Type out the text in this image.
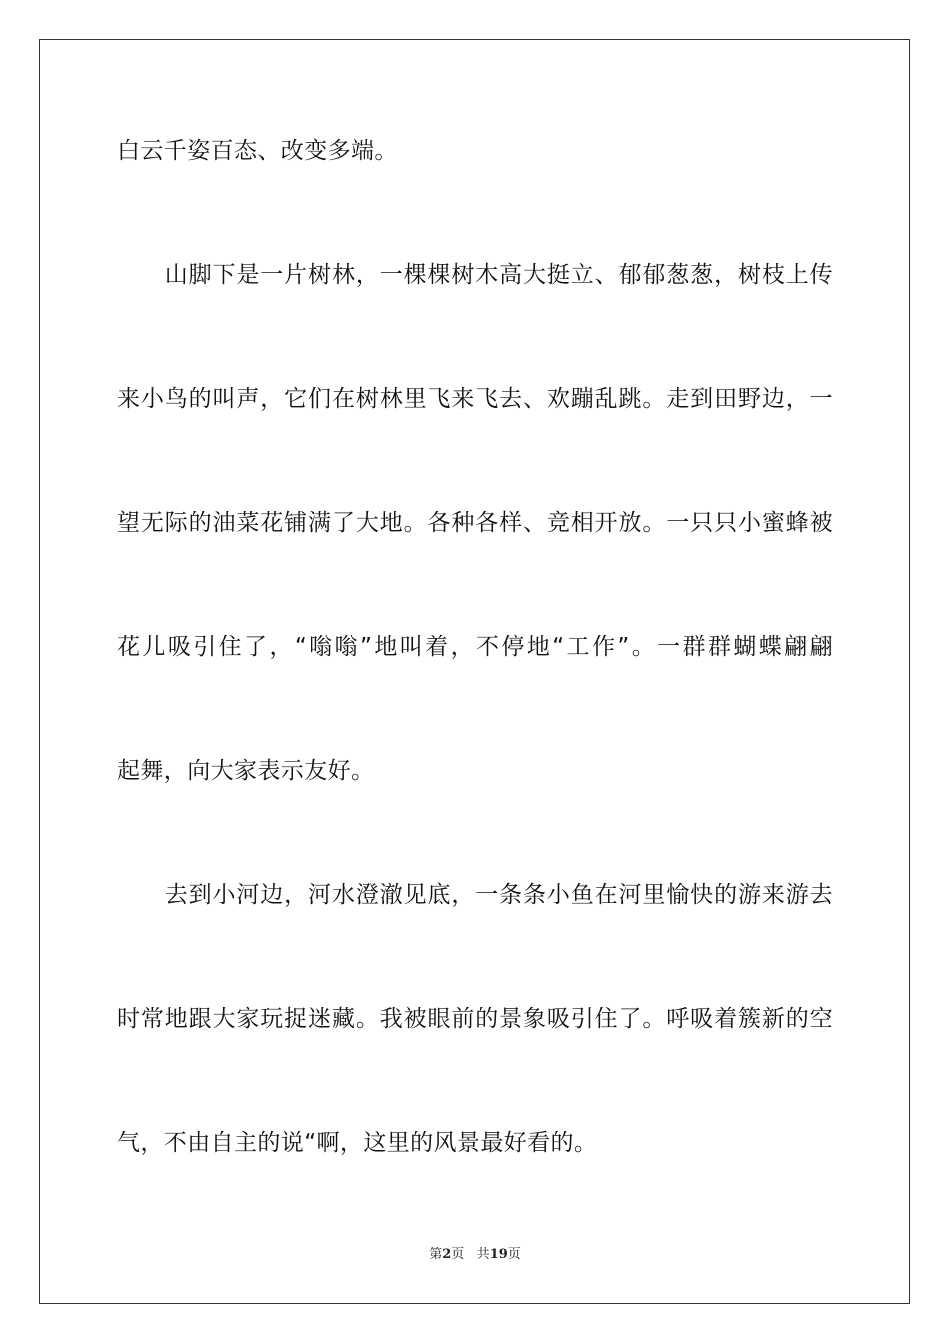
白云千姿百态、改变多端。
　　山脚下是一片树林，一棵棵树木高大挺立、郁郁葱葱，树枝上传
来小鸟的叫声，它们在树林里飞来飞去、欢蹦乱跳。走到田野边，一
望无际的油菜花铺满了大地。各种各样、竞相开放。一只只小蜜蜂被
花儿吸引住了，“嗡嗡”地叫着，不停地“工作”。一群群蝴蝶翩翩
起舞，向大家表示友好。
　　去到小河边，河水澄澈见底，一条条小鱼在河里愉快的游来游去
时常地跟大家玩捉迷藏。我被眼前的景象吸引住了。呼吸着簇新的空
气，不由自主的说“啊，这里的风景最好看的。
第2页 共19页
